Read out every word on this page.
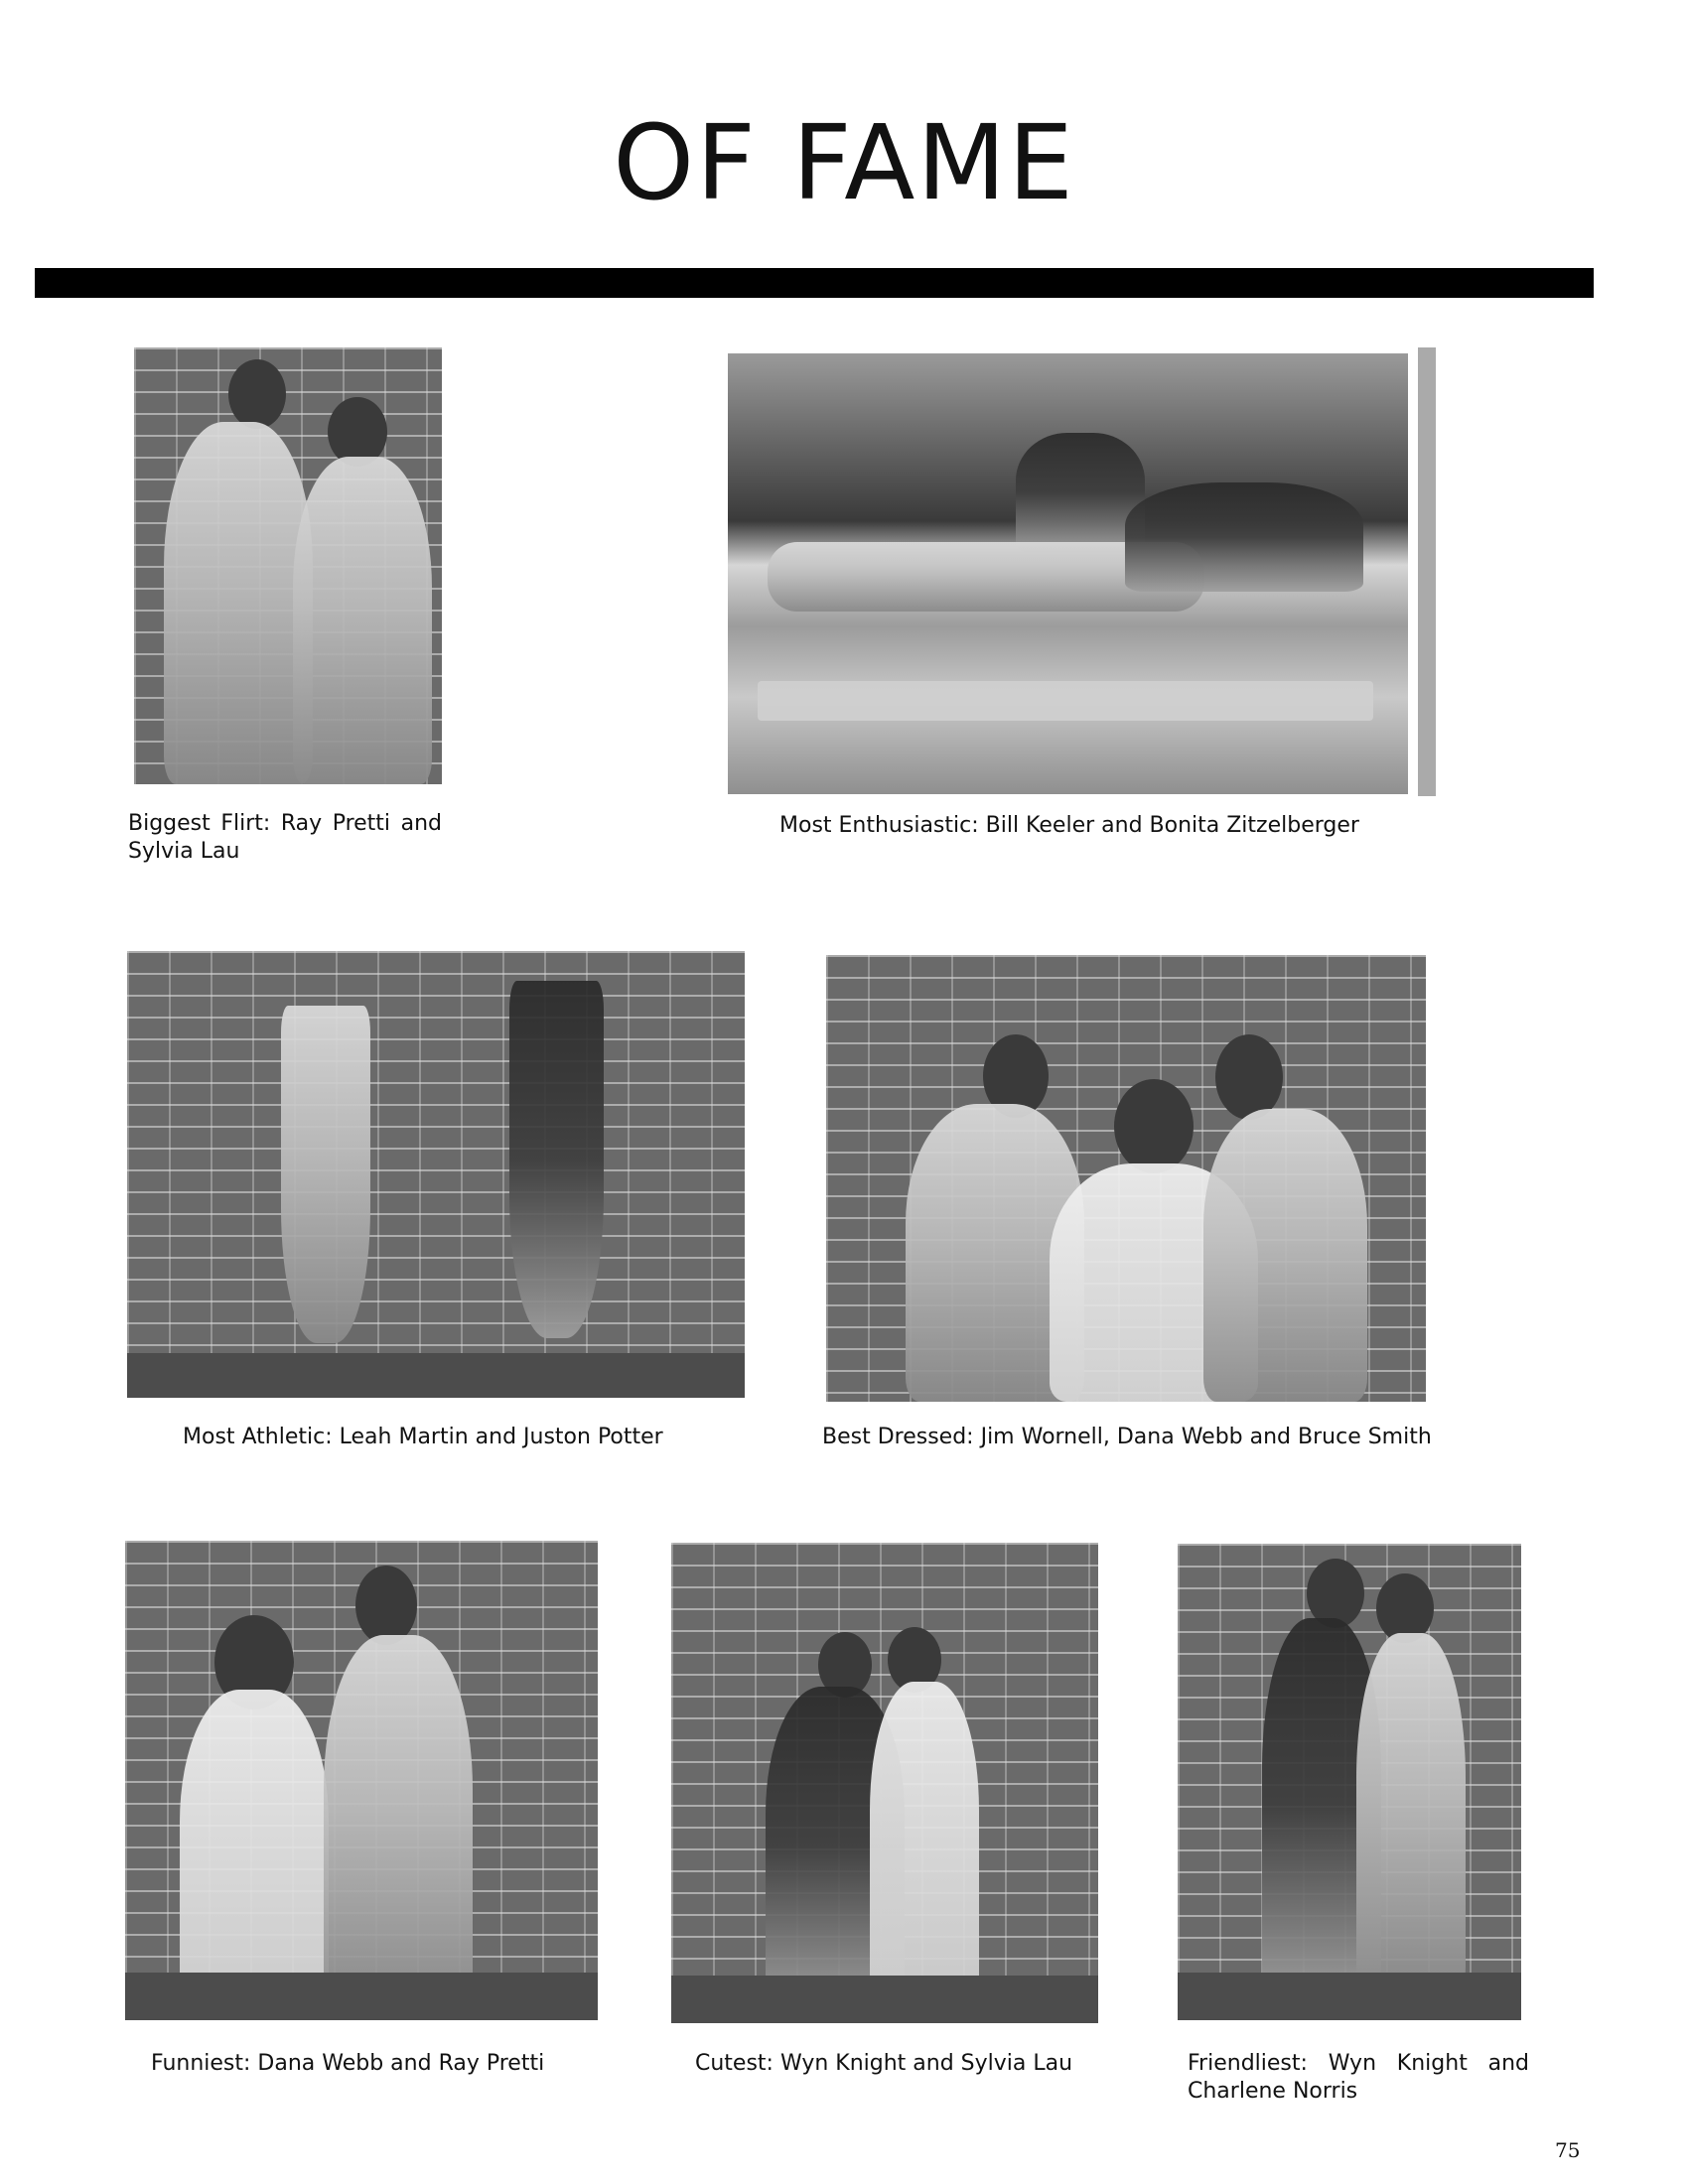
OF FAME
Biggest Flirt: Ray Pretti and Sylvia Lau
Most Enthusiastic: Bill Keeler and Bonita Zitzelberger
Most Athletic: Leah Martin and Juston Potter	Best Dressed: Jim Wornell, Dana Webb and Bruce Smith
Funniest: Dana Webb and Ray Pretti	Cutest: Wyn Knight and Sylvia Lau	Friendliest: Wyn Knight and Charlene Norris
75
